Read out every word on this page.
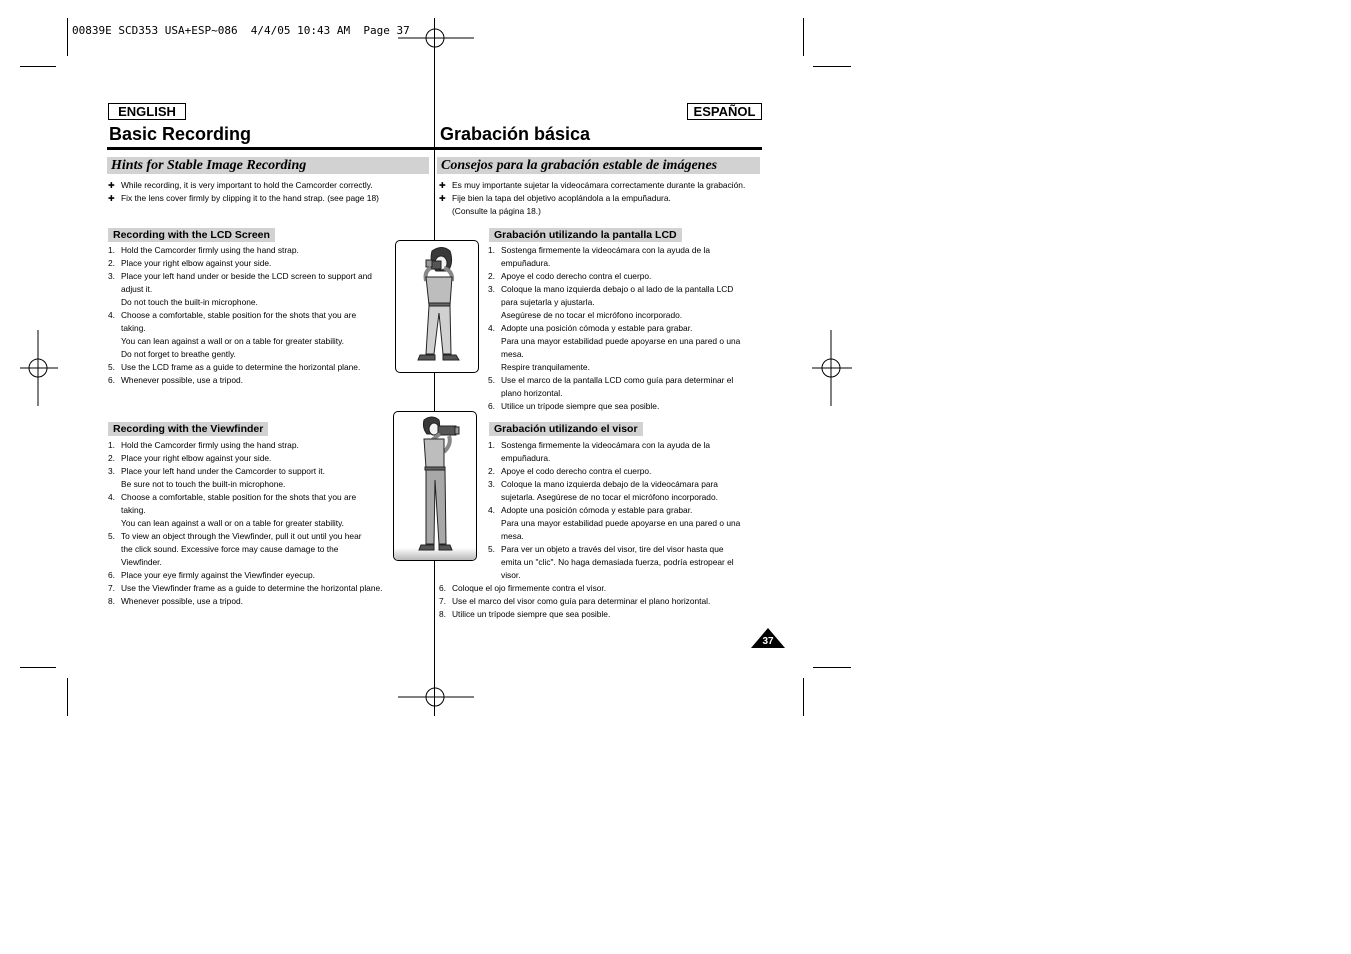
00839E SCD353 USA+ESP~086  4/4/05 10:43 AM  Page 37
ENGLISH	ESPAÑOL
Basic Recording	Grabación básica
Hints for Stable Image Recording	Consejos para la grabación estable de imágenes
✚ While recording, it is very important to hold the Camcorder correctly.
✚ Fix the lens cover firmly by clipping it to the hand strap. (see page 18)
✚ Es muy importante sujetar la videocámara correctamente durante la grabación.
✚ Fije bien la tapa del objetivo acoplándola a la empuñadura.
(Consulte la página 18.)
Recording with the LCD Screen
Recording with the Viewfinder
Grabación utilizando la pantalla LCD
Grabación utilizando el visor
1. Hold the Camcorder firmly using the hand strap.
2. Place your right elbow against your side.
3. Place your left hand under or beside the LCD screen to support and
adjust it.
Do not touch the built-in microphone.
4. Choose a comfortable, stable position for the shots that you are
taking.
You can lean against a wall or on a table for greater stability.
Do not forget to breathe gently.
5. Use the LCD frame as a guide to determine the horizontal plane.
6. Whenever possible, use a tripod.
1. Hold the Camcorder firmly using the hand strap.
2. Place your right elbow against your side.
3. Place your left hand under the Camcorder to support it.
Be sure not to touch the built-in microphone.
4. Choose a comfortable, stable position for the shots that you are
taking.
You can lean against a wall or on a table for greater stability.
5. To view an object through the Viewfinder, pull it out until you hear
the click sound. Excessive force may cause damage to the
Viewfinder.
6. Place your eye firmly against the Viewfinder eyecup.
7. Use the Viewfinder frame as a guide to determine the horizontal plane.
8. Whenever possible, use a tripod.
1. Sostenga firmemente la videocámara con la ayuda de la
empuñadura.
2. Apoye el codo derecho contra el cuerpo.
3. Coloque la mano izquierda debajo o al lado de la pantalla LCD
para sujetarla y ajustarla.
Asegúrese de no tocar el micrófono incorporado.
4. Adopte una posición cómoda y estable para grabar.
Para una mayor estabilidad puede apoyarse en una pared o una
mesa.
Respire tranquilamente.
5. Use el marco de la pantalla LCD como guía para determinar el
plano horizontal.
6. Utilice un trípode siempre que sea posible.
1. Sostenga firmemente la videocámara con la ayuda de la
empuñadura.
2. Apoye el codo derecho contra el cuerpo.
3. Coloque la mano izquierda debajo de la videocámara para
sujetarla. Asegúrese de no tocar el micrófono incorporado.
4. Adopte una posición cómoda y estable para grabar.
Para una mayor estabilidad puede apoyarse en una pared o una
mesa.
5. Para ver un objeto a través del visor, tire del visor hasta que
emita un "clic". No haga demasiada fuerza, podría estropear el
visor.
6. Coloque el ojo firmemente contra el visor.
7. Use el marco del visor como guía para determinar el plano horizontal.
8. Utilice un trípode siempre que sea posible.
37
